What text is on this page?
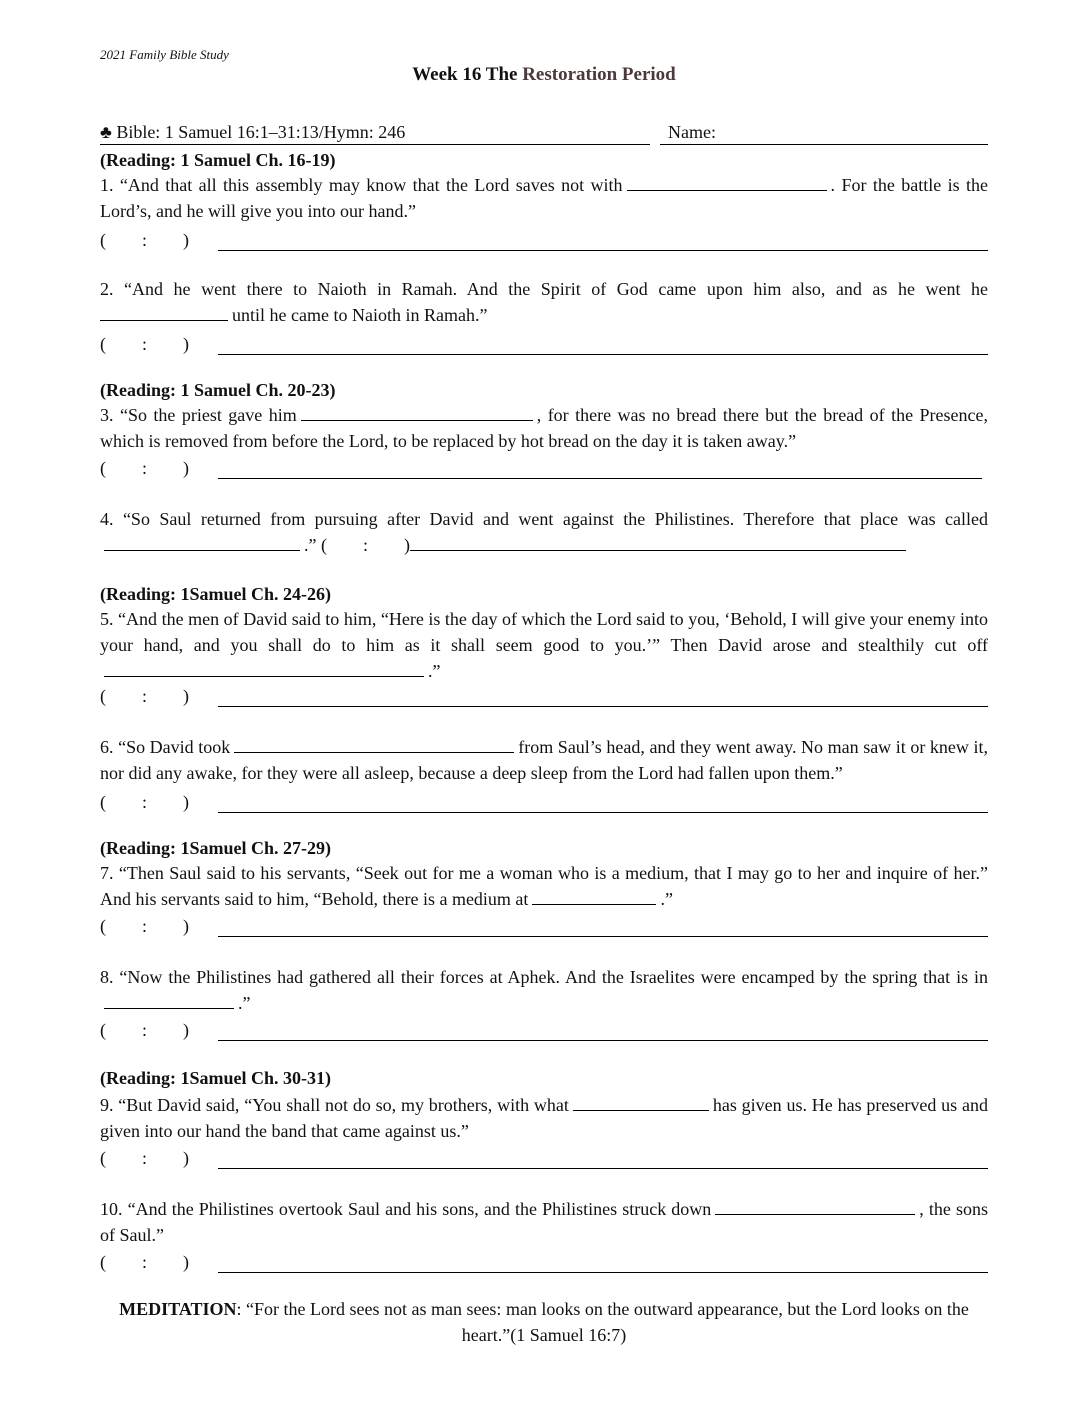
2021 Family Bible Study
Week 16 The Restoration Period
♣ Bible: 1 Samuel 16:1–31:13/Hymn: 246	Name:
(Reading: 1 Samuel Ch. 16-19)
1. “And that all this assembly may know that the Lord saves not with	. For the battle is the Lord’s, and he will give you into our hand.”
(        :        )
2. “And he went there to Naioth in Ramah. And the Spirit of God came upon him also, and as he went he until he came to Naioth in Ramah.”
(        :        )
(Reading: 1 Samuel Ch. 20-23)
3. “So the priest gave him	, for there was no bread there but the bread of the Presence, which is removed from before the Lord, to be replaced by hot bread on the day it is taken away.”
(        :        )
4. “So Saul returned from pursuing after David and went against the Philistines. Therefore that place was called.” (        :        )
(Reading: 1Samuel Ch. 24-26)
5. “And the men of David said to him, “Here is the day of which the Lord said to you, ‘Behold, I will give your enemy into your hand, and you shall do to him as it shall seem good to you.’” Then David arose and stealthily cut off.”
(        :        )
6. “So David took	from Saul’s head, and they went away. No man saw it or knew it, nor did any awake, for they were all asleep, because a deep sleep from the Lord had fallen upon them.”
(        :        )
(Reading: 1Samuel Ch. 27-29)
7. “Then Saul said to his servants, “Seek out for me a woman who is a medium, that I may go to her and inquire of her.” And his servants said to him, “Behold, there is a medium at	.”
(        :        )
8. “Now the Philistines had gathered all their forces at Aphek. And the Israelites were encamped by the spring that is in.”
(        :        )
(Reading: 1Samuel Ch. 30-31)
9. “But David said, “You shall not do so, my brothers, with what	has given us. He has preserved us and given into our hand the band that came against us.”
(        :        )
10. “And the Philistines overtook Saul and his sons, and the Philistines struck down	, the sons of Saul.”
(        :        )
MEDITATION: “For the Lord sees not as man sees: man looks on the outward appearance, but the Lord looks on the heart.”(1 Samuel 16:7)
